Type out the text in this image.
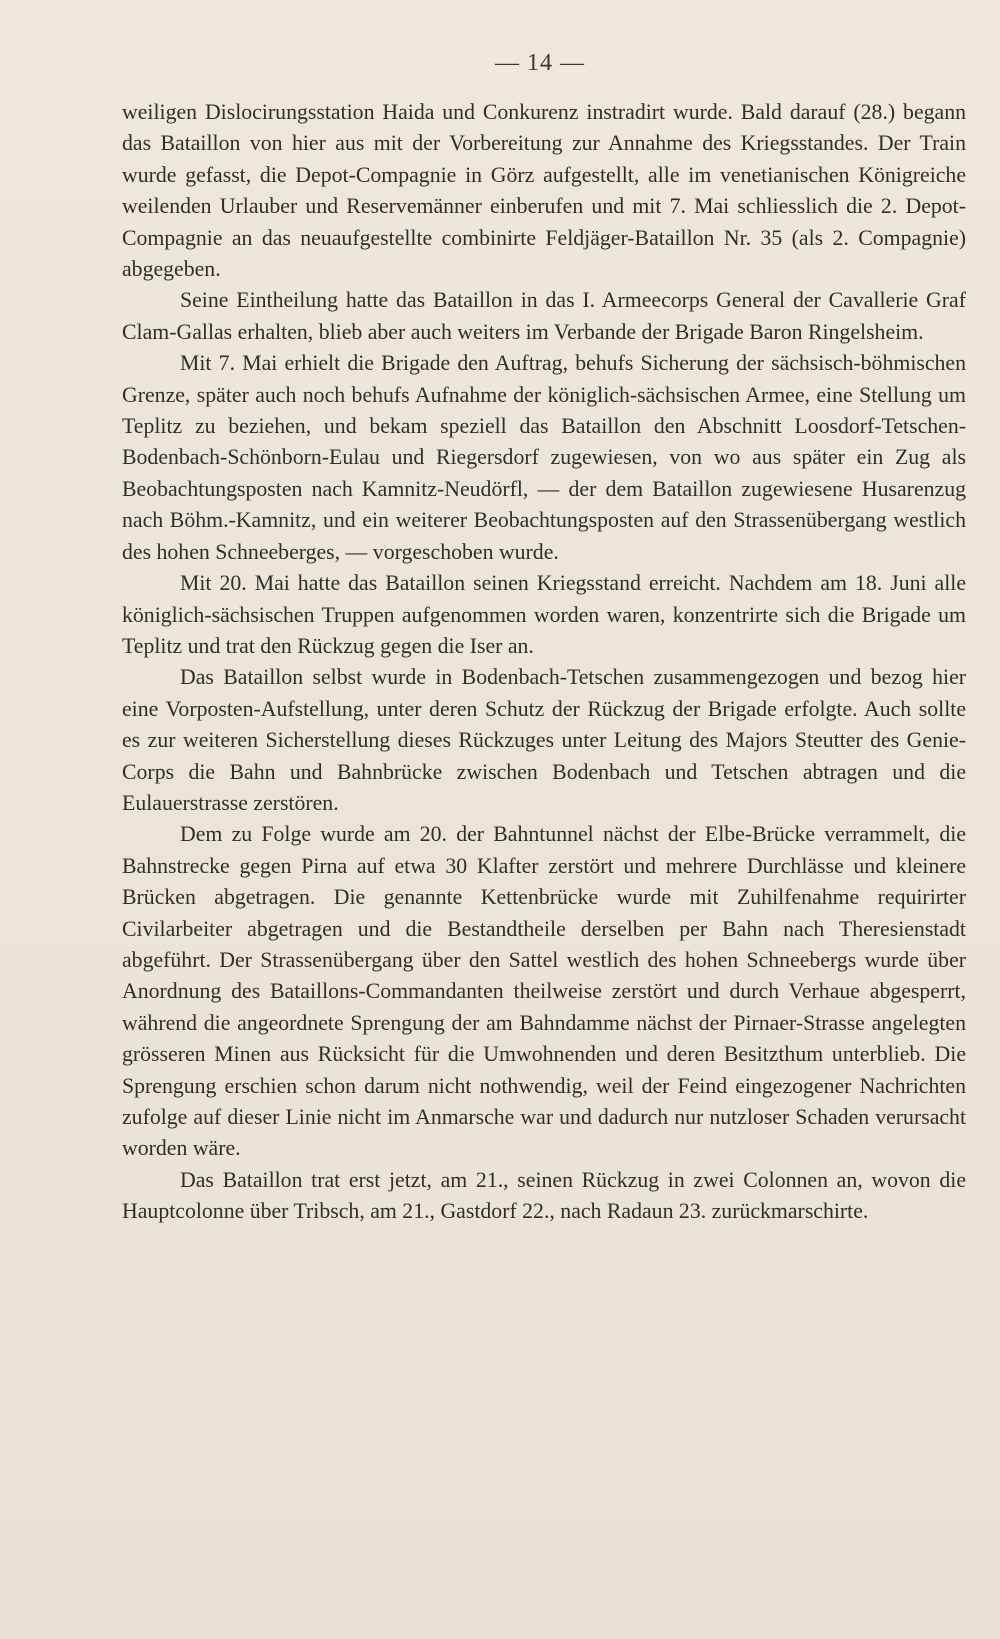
— 14 —

weiligen Dislocirungsstation Haida und Conkurenz instradirt wurde. Bald darauf (28.) begann das Bataillon von hier aus mit der Vorbereitung zur Annahme des Kriegsstandes. Der Train wurde gefasst, die Depot-Compagnie in Görz aufgestellt, alle im venetianischen Königreiche weilenden Urlauber und Reservemänner einberufen und mit 7. Mai schliesslich die 2. Depot-Compagnie an das neuaufgestellte combinirte Feldjäger-Bataillon Nr. 35 (als 2. Compagnie) abgegeben.

Seine Eintheilung hatte das Bataillon in das I. Armeecorps General der Cavallerie Graf Clam-Gallas erhalten, blieb aber auch weiters im Verbande der Brigade Baron Ringelsheim.

Mit 7. Mai erhielt die Brigade den Auftrag, behufs Sicherung der sächsisch-böhmischen Grenze, später auch noch behufs Aufnahme der königlich-sächsischen Armee, eine Stellung um Teplitz zu beziehen, und bekam speziell das Bataillon den Abschnitt Loosdorf-Tetschen-Bodenbach-Schönborn-Eulau und Riegersdorf zugewiesen, von wo aus später ein Zug als Beobachtungsposten nach Kamnitz-Neudörfl, — der dem Bataillon zugewiesene Husarenzug nach Böhm.-Kamnitz, und ein weiterer Beobachtungsposten auf den Strassenübergang westlich des hohen Schneeberges, — vorgeschoben wurde.

Mit 20. Mai hatte das Bataillon seinen Kriegsstand erreicht. Nachdem am 18. Juni alle königlich-sächsischen Truppen aufgenommen worden waren, konzentrirte sich die Brigade um Teplitz und trat den Rückzug gegen die Iser an.

Das Bataillon selbst wurde in Bodenbach-Tetschen zusammengezogen und bezog hier eine Vorposten-Aufstellung, unter deren Schutz der Rückzug der Brigade erfolgte. Auch sollte es zur weiteren Sicherstellung dieses Rückzuges unter Leitung des Majors Steutter des Genie-Corps die Bahn und Bahnbrücke zwischen Bodenbach und Tetschen abtragen und die Eulauerstrasse zerstören.

Dem zu Folge wurde am 20. der Bahntunnel nächst der Elbe-Brücke verrammelt, die Bahnstrecke gegen Pirna auf etwa 30 Klafter zerstört und mehrere Durchlässe und kleinere Brücken abgetragen. Die genannte Kettenbrücke wurde mit Zuhilfenahme requirirter Civilarbeiter abgetragen und die Bestandtheile derselben per Bahn nach Theresienstadt abgeführt. Der Strassenübergang über den Sattel westlich des hohen Schneebergs wurde über Anordnung des Bataillons-Commandanten theilweise zerstört und durch Verhaue abgesperrt, während die angeordnete Sprengung der am Bahndamme nächst der Pirnaer-Strasse angelegten grösseren Minen aus Rücksicht für die Umwohnenden und deren Besitzthum unterblieb. Die Sprengung erschien schon darum nicht nothwendig, weil der Feind eingezogener Nachrichten zufolge auf dieser Linie nicht im Anmarsche war und dadurch nur nutzloser Schaden verursacht worden wäre.

Das Bataillon trat erst jetzt, am 21., seinen Rückzug in zwei Colonnen an, wovon die Hauptcolonne über Tribsch, am 21., Gastdorf 22., nach Radaun 23. zurückmarschirte.
